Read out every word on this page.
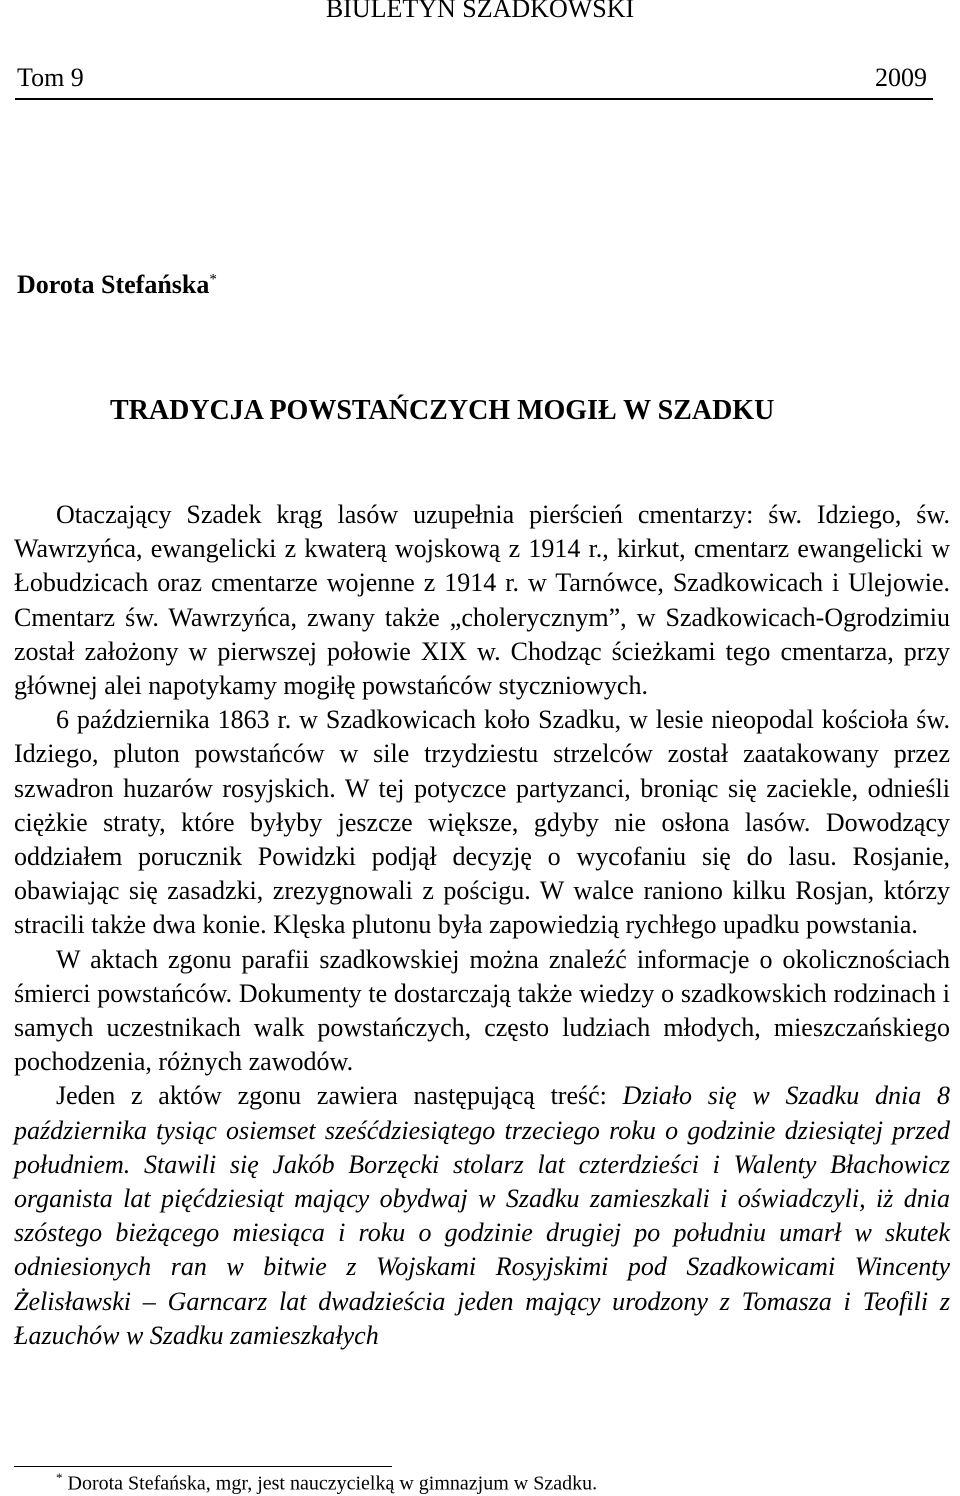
BIULETYN SZADKOWSKI
Tom 9	2009
Dorota Stefańska*
TRADYCJA POWSTAŃCZYCH MOGIŁ W SZADKU

Otaczający Szadek krąg lasów uzupełnia pierścień cmentarzy: św. Idziego, św. Wawrzyńca, ewangelicki z kwaterą wojskową z 1914 r., kirkut, cmentarz ewangelicki w Łobudzicach oraz cmentarze wojenne z 1914 r. w Tarnówce, Szadkowicach i Ulejowie. Cmentarz św. Wawrzyńca, zwany także „cholerycznym”, w Szadkowicach-Ogrodzimiu został założony w pierwszej połowie XIX w. Chodząc ścieżkami tego cmentarza, przy głównej alei napotykamy mogiłę powstańców styczniowych.

6 października 1863 r. w Szadkowicach koło Szadku, w lesie nieopodal kościoła św. Idziego, pluton powstańców w sile trzydziestu strzelców został zaatakowany przez szwadron huzarów rosyjskich. W tej potyczce partyzanci, broniąc się zaciekle, odnieśli ciężkie straty, które byłyby jeszcze większe, gdyby nie osłona lasów. Dowodzący oddziałem porucznik Powidzki podjął decyzję o wycofaniu się do lasu. Rosjanie, obawiając się zasadzki, zrezygnowali z pościgu. W walce raniono kilku Rosjan, którzy stracili także dwa konie. Klęska plutonu była zapowiedzią rychłego upadku powstania.

W aktach zgonu parafii szadkowskiej można znaleźć informacje o okolicznościach śmierci powstańców. Dokumenty te dostarczają także wiedzy o szadkowskich rodzinach i samych uczestnikach walk powstańczych, często ludziach młodych, mieszczańskiego pochodzenia, różnych zawodów.

Jeden z aktów zgonu zawiera następującą treść: Działo się w Szadku dnia 8 października tysiąc osiemset sześćdziesiątego trzeciego roku o godzinie dziesiątej przed południem. Stawili się Jakób Borzęcki stolarz lat czterdzieści i Walenty Błachowicz organista lat pięćdziesiąt mający obydwaj w Szadku zamieszkali i oświadczyli, iż dnia szóstego bieżącego miesiąca i roku o godzinie drugiej po południu umarł w skutek odniesionych ran w bitwie z Wojskami Rosyjskimi pod Szadkowicami Wincenty Żelisławski – Garncarz lat dwadzieścia jeden mający urodzony z Tomasza i Teofili z Łazuchów w Szadku zamieszkałych

* Dorota Stefańska, mgr, jest nauczycielką w gimnazjum w Szadku.
